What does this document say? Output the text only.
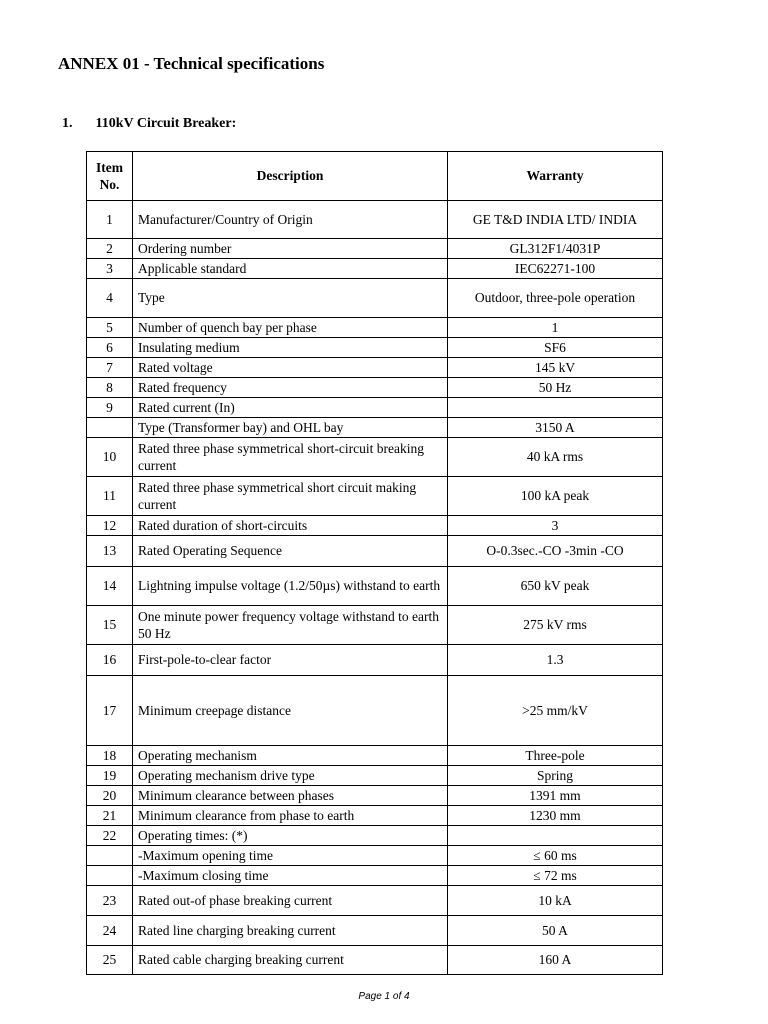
ANNEX 01 - Technical specifications
1. 110kV Circuit Breaker:
Item No.	Description	Warranty
1	Manufacturer/Country of Origin	GE T&D INDIA LTD/ INDIA
2	Ordering number	GL312F1/4031P
3	Applicable standard	IEC62271-100
4	Type	Outdoor, three-pole operation
5	Number of quench bay per phase	1
6	Insulating medium	SF6
7	Rated voltage	145 kV
8	Rated frequency	50 Hz
9	Rated current (In)	
	Type (Transformer bay) and OHL bay	3150 A
10	Rated three phase symmetrical short-circuit breaking current	40 kA rms
11	Rated three phase symmetrical short circuit making current	100 kA peak
12	Rated duration of short-circuits	3
13	Rated Operating Sequence	O-0.3sec.-CO -3min -CO
14	Lightning impulse voltage (1.2/50µs) withstand to earth	650 kV peak
15	One minute power frequency voltage withstand to earth 50 Hz	275 kV rms
16	First-pole-to-clear factor	1.3
17	Minimum creepage distance	>25 mm/kV
18	Operating mechanism	Three-pole
19	Operating mechanism drive type	Spring
20	Minimum clearance between phases	1391 mm
21	Minimum clearance from phase to earth	1230 mm
22	Operating times: (*)	
	-Maximum opening time	≤ 60 ms
	-Maximum closing time	≤ 72 ms
23	Rated out-of phase breaking current	10 kA
24	Rated line charging breaking current	50 A
25	Rated cable charging breaking current	160 A
Page 1 of 4
